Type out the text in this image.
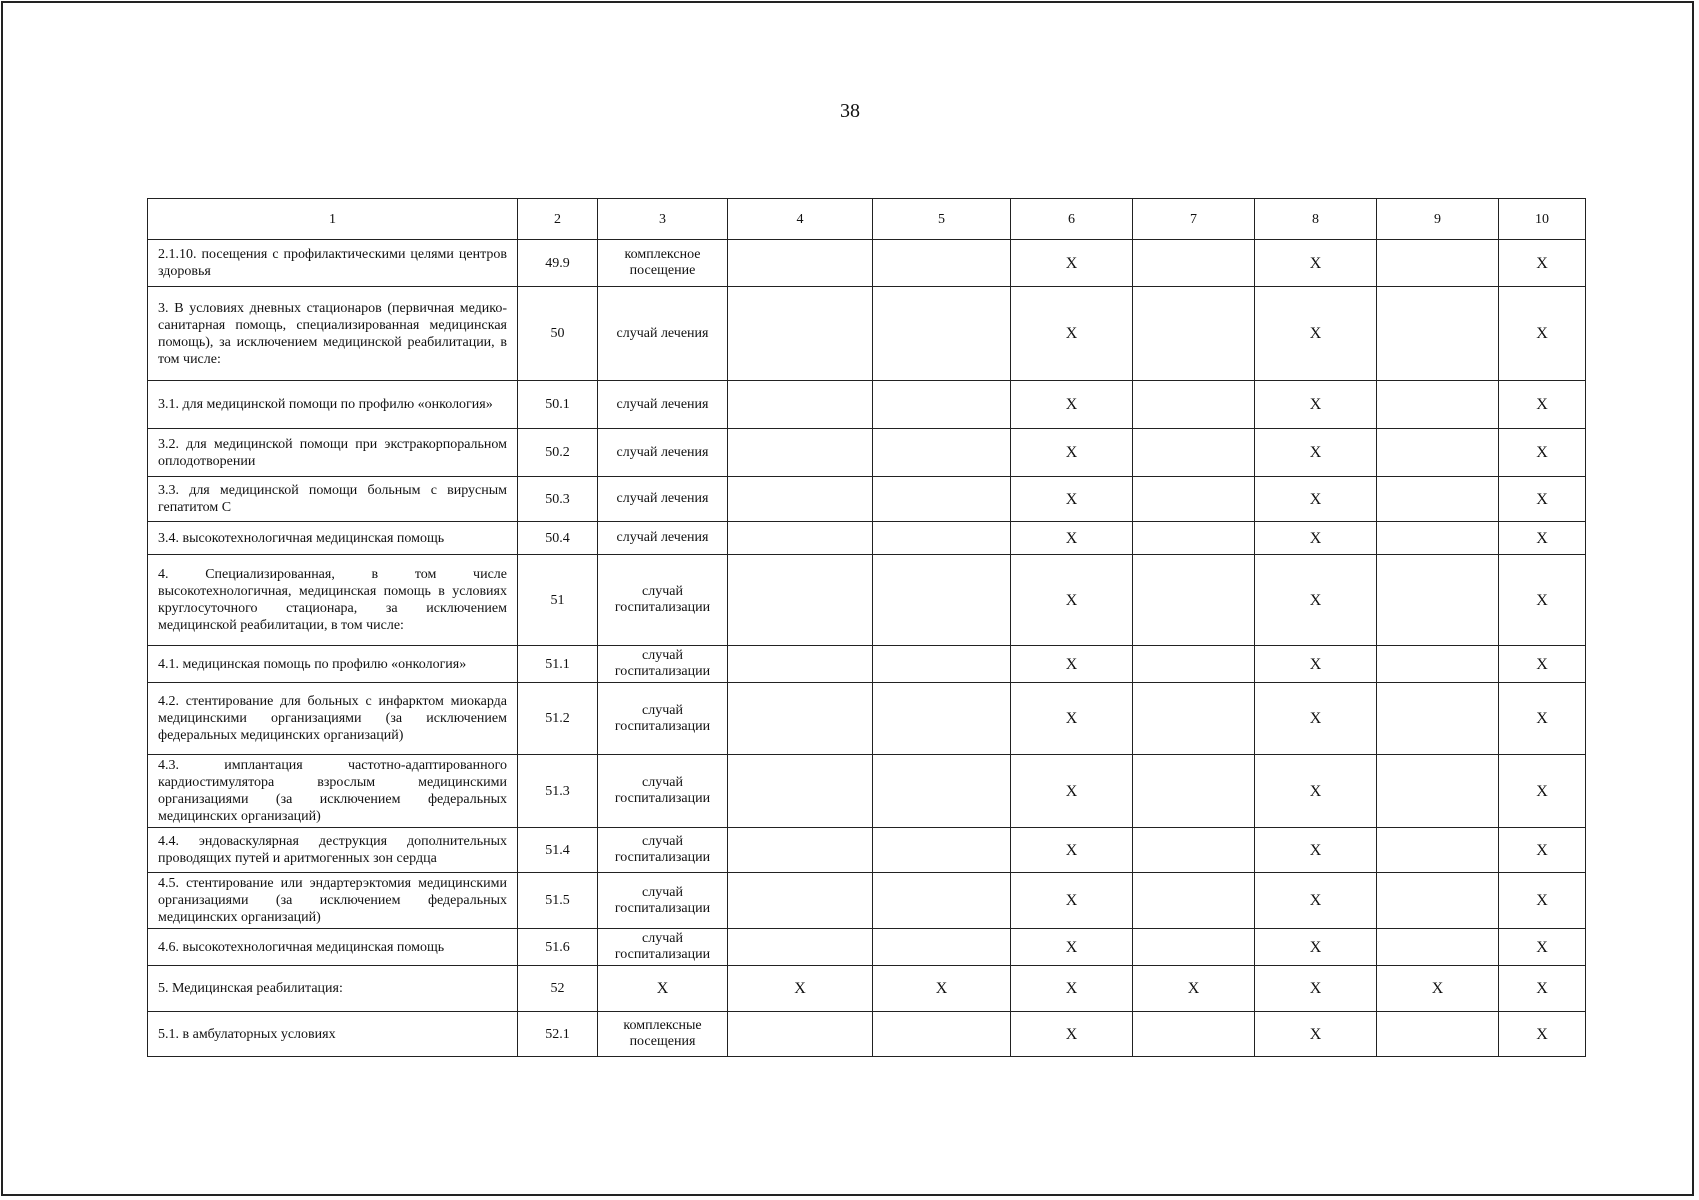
38
1	2	3	4	5	6	7	8	9	10
2.1.10. посещения с профилактическими целями центров здоровья	49.9	комплексное посещение			X		X		X
3. В условиях дневных стационаров (первичная медико-санитарная помощь, специализированная медицинская помощь), за исключением медицинской реабилитации, в том числе:	50	случай лечения			X		X		X
3.1. для медицинской помощи по профилю «онкология»	50.1	случай лечения			X		X		X
3.2. для медицинской помощи при экстракорпоральном оплодотворении	50.2	случай лечения			X		X		X
3.3. для медицинской помощи больным с вирусным гепатитом С	50.3	случай лечения			X		X		X
3.4. высокотехнологичная медицинская помощь	50.4	случай лечения			X		X		X
4. Специализированная, в том числе высокотехнологичная, медицинская помощь в условиях круглосуточного стационара, за исключением медицинской реабилитации, в том числе:	51	случай госпитализации			X		X		X
4.1. медицинская помощь по профилю «онкология»	51.1	случай госпитализации			X		X		X
4.2. стентирование для больных с инфарктом миокарда медицинскими организациями (за исключением федеральных медицинских организаций)	51.2	случай госпитализации			X		X		X
4.3. имплантация частотно-адаптированного кардиостимулятора взрослым медицинскими организациями (за исключением федеральных медицинских организаций)	51.3	случай госпитализации			X		X		X
4.4. эндоваскулярная деструкция дополнительных проводящих путей и аритмогенных зон сердца	51.4	случай госпитализации			X		X		X
4.5. стентирование или эндартерэктомия медицинскими организациями (за исключением федеральных медицинских организаций)	51.5	случай госпитализации			X		X		X
4.6. высокотехнологичная медицинская помощь	51.6	случай госпитализации			X		X		X
5. Медицинская реабилитация:	52	X	X	X	X	X	X	X	X
5.1. в амбулаторных условиях	52.1	комплексные посещения			X		X		X
